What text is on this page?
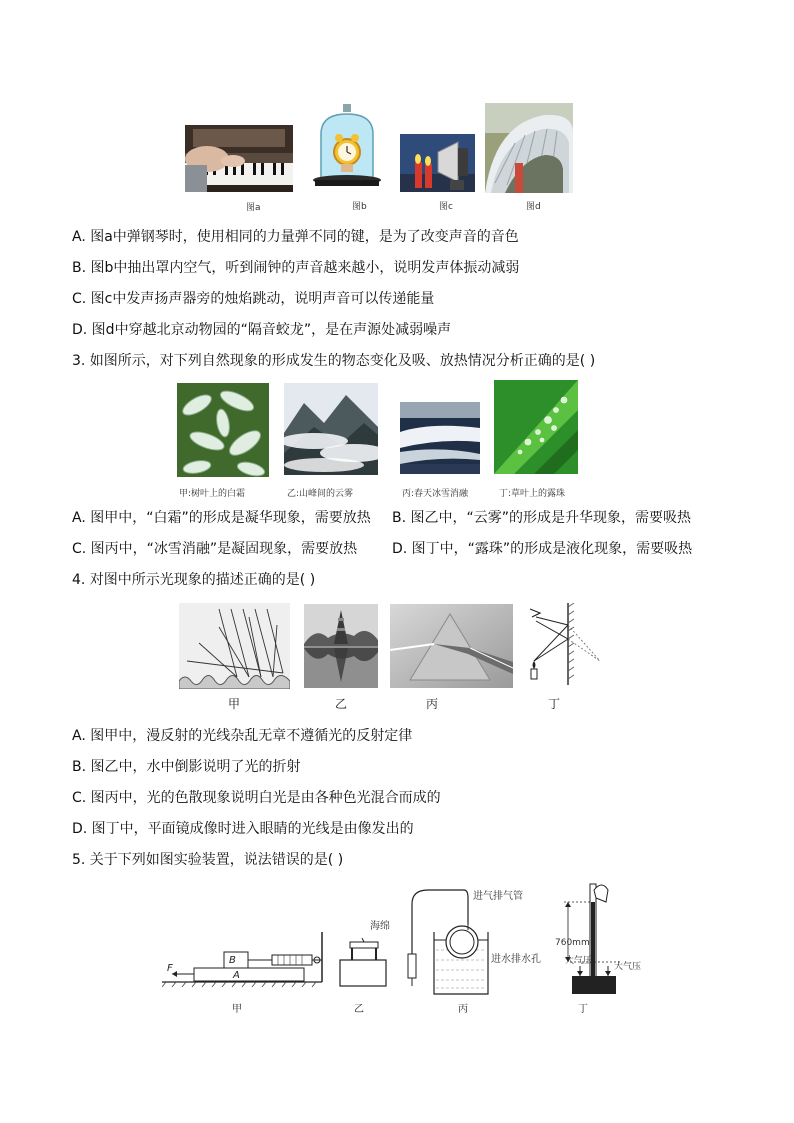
图a	图b	图c	图d
A. 图a中弹钢琴时，使用相同的力量弹不同的键，是为了改变声音的音色
B. 图b中抽出罩内空气，听到闹钟的声音越来越小，说明发声体振动减弱
C. 图c中发声扬声器旁的烛焰跳动，说明声音可以传递能量
D. 图d中穿越北京动物园的“隔音蛟龙”，是在声源处减弱噪声
3. 如图所示，对下列自然现象的形成发生的物态变化及吸、放热情况分析正确的是( )
甲:树叶上的白霜	乙:山峰间的云雾	丙:春天冰雪消融	丁:草叶上的露珠
A. 图甲中，“白霜”的形成是凝华现象，需要放热 B. 图乙中，“云雾”的形成是升华现象，需要吸热
C. 图丙中，“冰雪消融”是凝固现象，需要放热 D. 图丁中，“露珠”的形成是液化现象，需要吸热
4. 对图中所示光现象的描述正确的是( )
甲	乙	丙	丁
A. 图甲中，漫反射的光线杂乱无章不遵循光的反射定律
B. 图乙中，水中倒影说明了光的折射
C. 图丙中，光的色散现象说明白光是由各种色光混合而成的
D. 图丁中，平面镜成像时进入眼睛的光线是由像发出的
5. 关于下列如图实验装置，说法错误的是( )
F
B
A
海绵
进气排气管
进水排水孔
760mm
大气压
大气压
甲	乙	丙	丁
